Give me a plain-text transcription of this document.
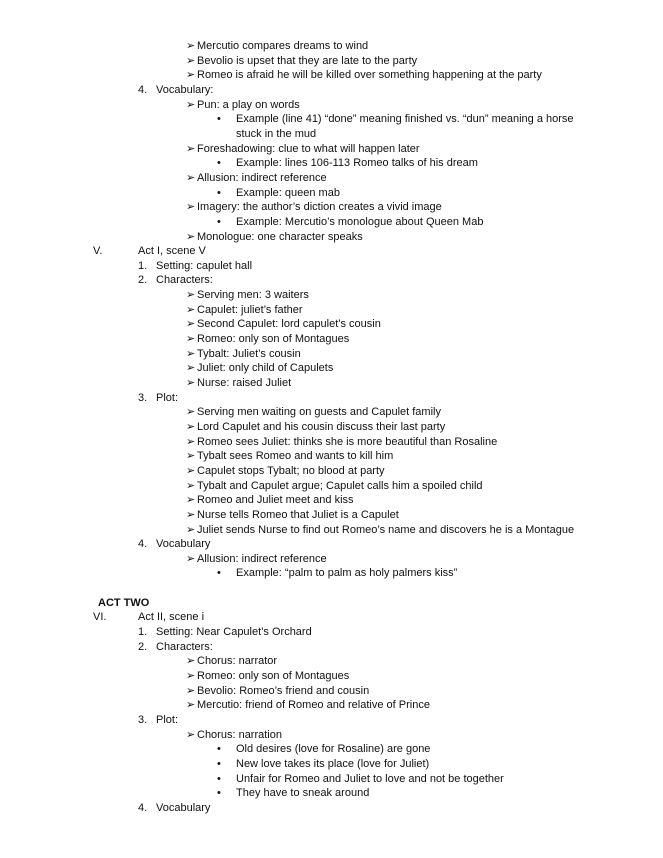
➢ Mercutio compares dreams to wind
➢ Bevolio is upset that they are late to the party
➢ Romeo is afraid he will be killed over something happening at the party
4. Vocabulary:
➢ Pun: a play on words
• Example (line 41) “done” meaning finished vs. “dun” meaning a horse
stuck in the mud
➢ Foreshadowing: clue to what will happen later
• Example: lines 106-113 Romeo talks of his dream
➢ Allusion: indirect reference
• Example: queen mab
➢ Imagery: the author’s diction creates a vivid image
• Example: Mercutio’s monologue about Queen Mab
➢ Monologue: one character speaks
V.	Act I, scene V
1. Setting: capulet hall
2. Characters:
➢ Serving men: 3 waiters
➢ Capulet: juliet’s father
➢ Second Capulet: lord capulet’s cousin
➢ Romeo: only son of Montagues
➢ Tybalt: Juliet’s cousin
➢ Juliet: only child of Capulets
➢ Nurse: raised Juliet
3. Plot:
➢ Serving men waiting on guests and Capulet family
➢ Lord Capulet and his cousin discuss their last party
➢ Romeo sees Juliet: thinks she is more beautiful than Rosaline
➢ Tybalt sees Romeo and wants to kill him
➢ Capulet stops Tybalt; no blood at party
➢ Tybalt and Capulet argue; Capulet calls him a spoiled child
➢ Romeo and Juliet meet and kiss
➢ Nurse tells Romeo that Juliet is a Capulet
➢ Juliet sends Nurse to find out Romeo’s name and discovers he is a Montague
4. Vocabulary
➢ Allusion: indirect reference
• Example: “palm to palm as holy palmers kiss”
ACT TWO
VI.	Act II, scene i
1. Setting: Near Capulet’s Orchard
2. Characters:
➢ Chorus: narrator
➢ Romeo: only son of Montagues
➢ Bevolio: Romeo’s friend and cousin
➢ Mercutio: friend of Romeo and relative of Prince
3. Plot:
➢ Chorus: narration
• Old desires (love for Rosaline) are gone
• New love takes its place (love for Juliet)
• Unfair for Romeo and Juliet to love and not be together
• They have to sneak around
4. Vocabulary
